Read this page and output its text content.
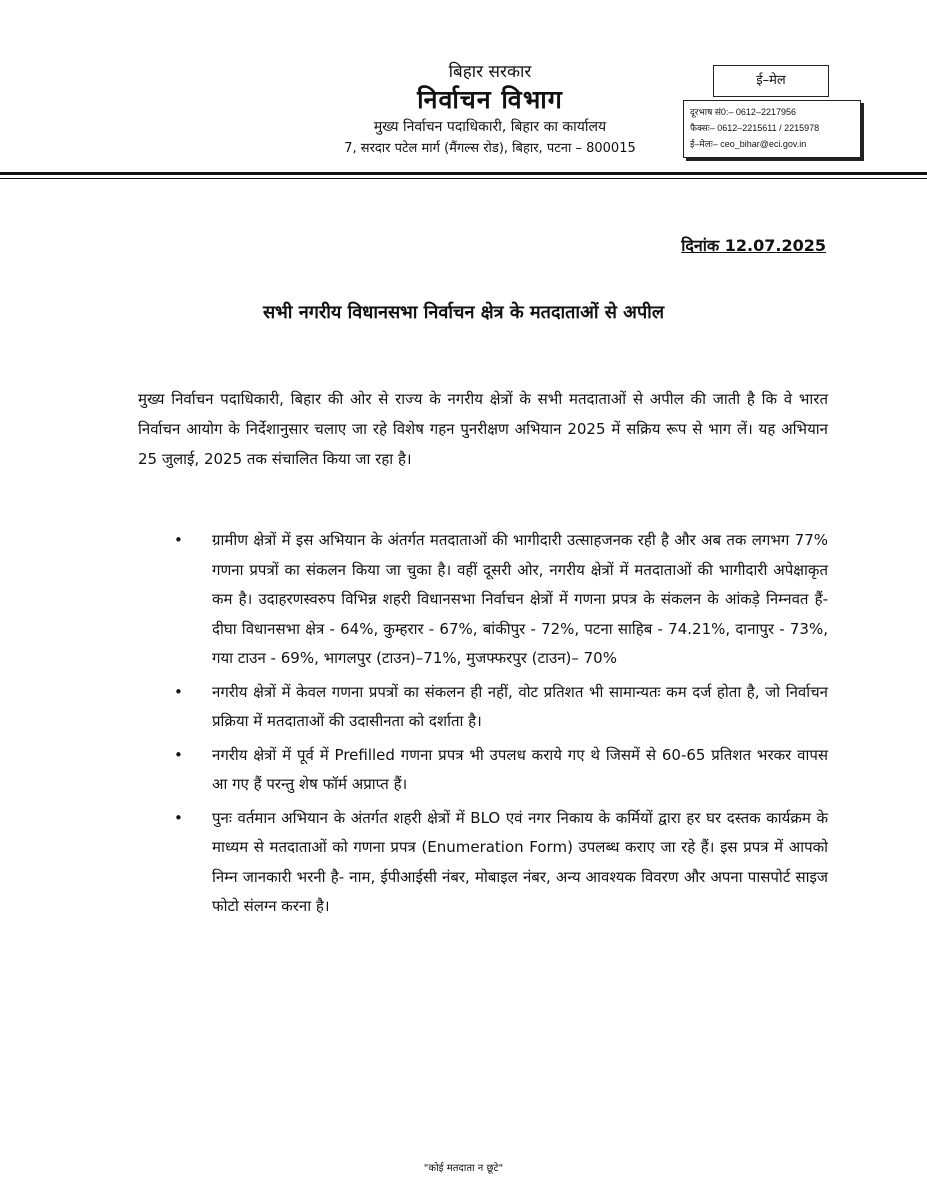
बिहार सरकार
निर्वाचन विभाग
मुख्य निर्वाचन पदाधिकारी, बिहार का कार्यालय
7, सरदार पटेल मार्ग (मैंगल्स रोड), बिहार, पटना – 800015
ई–मेल
दूरभाष सं0:– 0612–2217956
फैक्सः– 0612–2215611 / 2215978
ई–मेलः– ceo_bihar@eci.gov.in
दिनांक 12.07.2025
सभी नगरीय विधानसभा निर्वाचन क्षेत्र के मतदाताओं से अपील
मुख्य निर्वाचन पदाधिकारी, बिहार की ओर से राज्य के नगरीय क्षेत्रों के सभी मतदाताओं से अपील की जाती है कि वे भारत निर्वाचन आयोग के निर्देशानुसार चलाए जा रहे विशेष गहन पुनरीक्षण अभियान 2025 में सक्रिय रूप से भाग लें। यह अभियान 25 जुलाई, 2025 तक संचालित किया जा रहा है।
• ग्रामीण क्षेत्रों में इस अभियान के अंतर्गत मतदाताओं की भागीदारी उत्साहजनक रही है और अब तक लगभग 77% गणना प्रपत्रों का संकलन किया जा चुका है। वहीं दूसरी ओर, नगरीय क्षेत्रों में मतदाताओं की भागीदारी अपेक्षाकृत कम है। उदाहरणस्वरुप विभिन्न शहरी विधानसभा निर्वाचन क्षेत्रों में गणना प्रपत्र के संकलन के आंकड़े निम्नवत हैं- दीघा विधानसभा क्षेत्र - 64%, कुम्हरार - 67%, बांकीपुर - 72%, पटना साहिब - 74.21%, दानापुर - 73%, गया टाउन - 69%, भागलपुर (टाउन)–71%, मुजफ्फरपुर (टाउन)– 70%
• नगरीय क्षेत्रों में केवल गणना प्रपत्रों का संकलन ही नहीं, वोट प्रतिशत भी सामान्यतः कम दर्ज होता है, जो निर्वाचन प्रक्रिया में मतदाताओं की उदासीनता को दर्शाता है।
• नगरीय क्षेत्रों में पूर्व में Prefilled गणना प्रपत्र भी उपलध कराये गए थे जिसमें से 60-65 प्रतिशत भरकर वापस आ गए हैं परन्तु शेष फॉर्म अप्राप्त हैं।
• पुनः वर्तमान अभियान के अंतर्गत शहरी क्षेत्रों में BLO एवं नगर निकाय के कर्मियों द्वारा हर घर दस्तक कार्यक्रम के माध्यम से मतदाताओं को गणना प्रपत्र (Enumeration Form) उपलब्ध कराए जा रहे हैं। इस प्रपत्र में आपको निम्न जानकारी भरनी है- नाम, ईपीआईसी नंबर, मोबाइल नंबर, अन्य आवश्यक विवरण और अपना पासपोर्ट साइज फोटो संलग्न करना है।
"कोई मतदाता न छूटे"
